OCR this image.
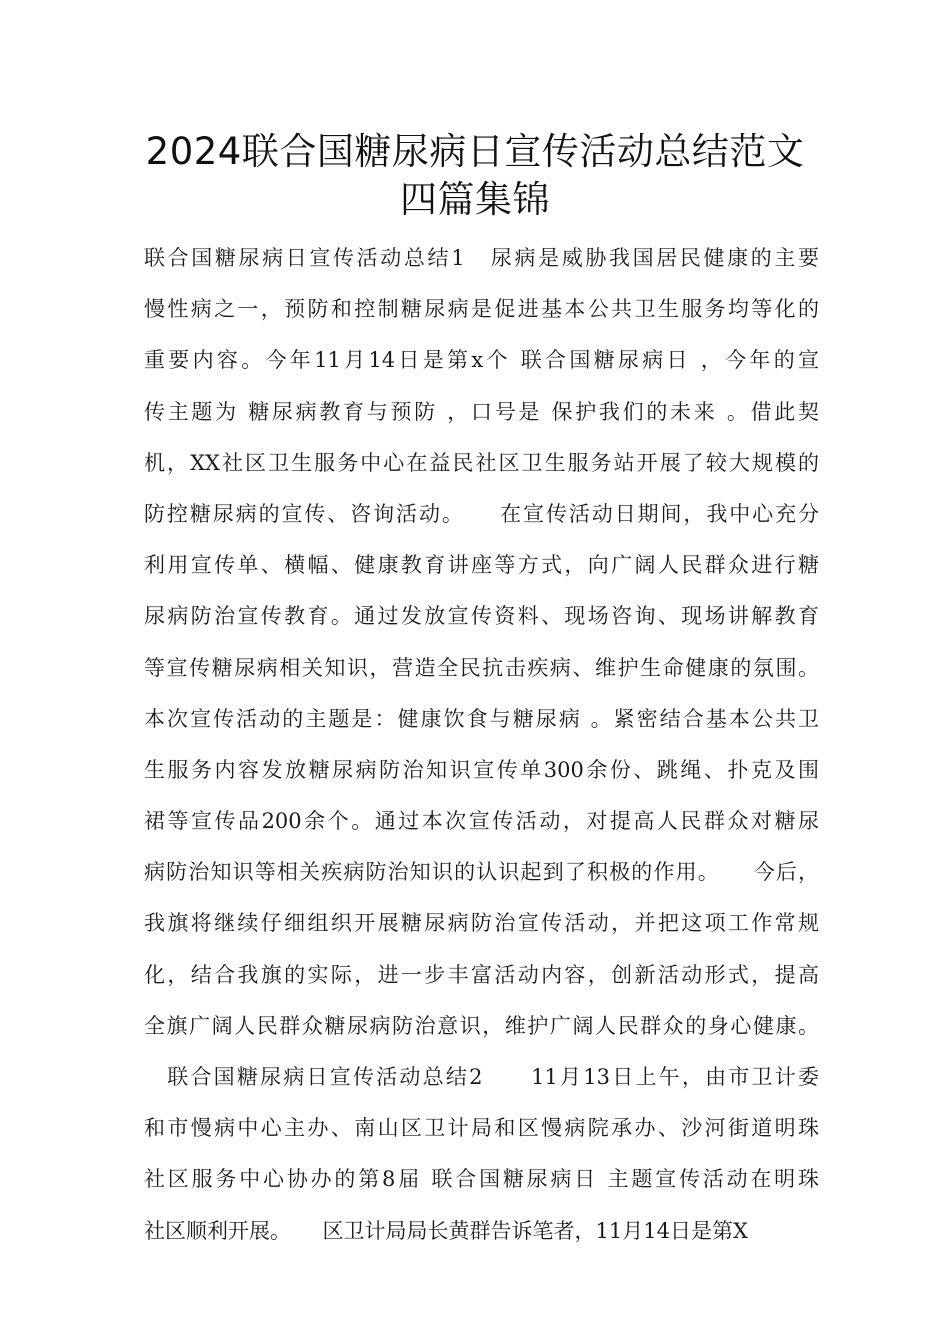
2024联合国糖尿病日宣传活动总结范文
四篇集锦
联合国糖尿病日宣传活动总结1　尿病是威胁我国居民健康的主要
慢性病之一，预防和控制糖尿病是促进基本公共卫生服务均等化的
重要内容。今年11月14日是第x个 联合国糖尿病日 ，今年的宣
传主题为 糖尿病教育与预防 ，口号是 保护我们的未来 。借此契
机，XX社区卫生服务中心在益民社区卫生服务站开展了较大规模的
防控糖尿病的宣传、咨询活动。　　在宣传活动日期间，我中心充分
利用宣传单、横幅、健康教育讲座等方式，向广阔人民群众进行糖
尿病防治宣传教育。通过发放宣传资料、现场咨询、现场讲解教育
等宣传糖尿病相关知识，营造全民抗击疾病、维护生命健康的氛围。
本次宣传活动的主题是：健康饮食与糖尿病 。紧密结合基本公共卫
生服务内容发放糖尿病防治知识宣传单300余份、跳绳、扑克及围
裙等宣传品200余个。通过本次宣传活动，对提高人民群众对糖尿
病防治知识等相关疾病防治知识的认识起到了积极的作用。　　今后，
我旗将继续仔细组织开展糖尿病防治宣传活动，并把这项工作常规
化，结合我旗的实际，进一步丰富活动内容，创新活动形式，提高
全旗广阔人民群众糖尿病防治意识，维护广阔人民群众的身心健康。
　联合国糖尿病日宣传活动总结2　　11月13日上午，由市卫计委
和市慢病中心主办、南山区卫计局和区慢病院承办、沙河街道明珠
社区服务中心协办的第8届 联合国糖尿病日 主题宣传活动在明珠
社区顺利开展。　　区卫计局局长黄群告诉笔者，11月14日是第X
